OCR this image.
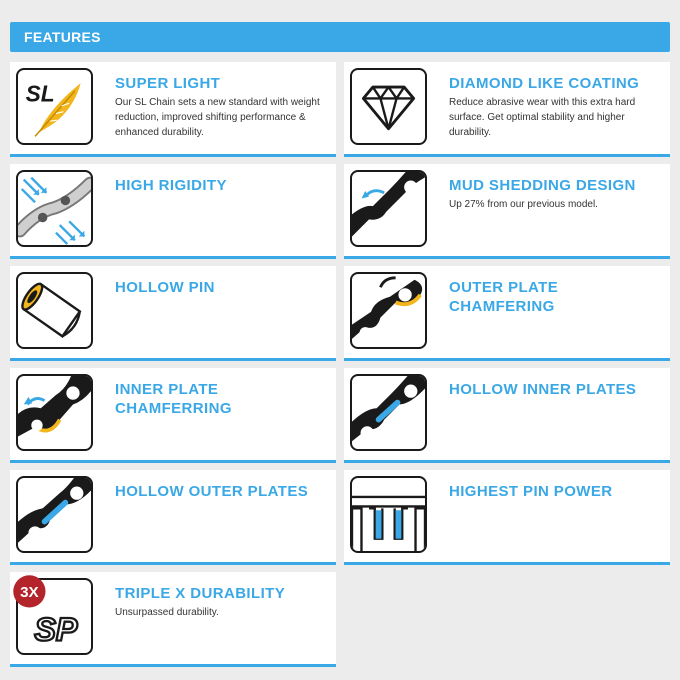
FEATURES
SL	SUPER LIGHT
Our SL Chain sets a new standard with weight reduction, improved shifting performance & enhanced durability.
DIAMOND LIKE COATING
Reduce abrasive wear with this extra hard surface. Get optimal stability and higher durability.
HIGH RIGIDITY	MUD SHEDDING DESIGN
Up 27% from our previous model.
HOLLOW PIN	OUTER PLATE CHAMFERING
INNER PLATE CHAMFERRING
HOLLOW INNER PLATES
HOLLOW OUTER PLATES	HIGHEST PIN POWER
3X
SP
TRIPLE X DURABILITY
Unsurpassed durability.
